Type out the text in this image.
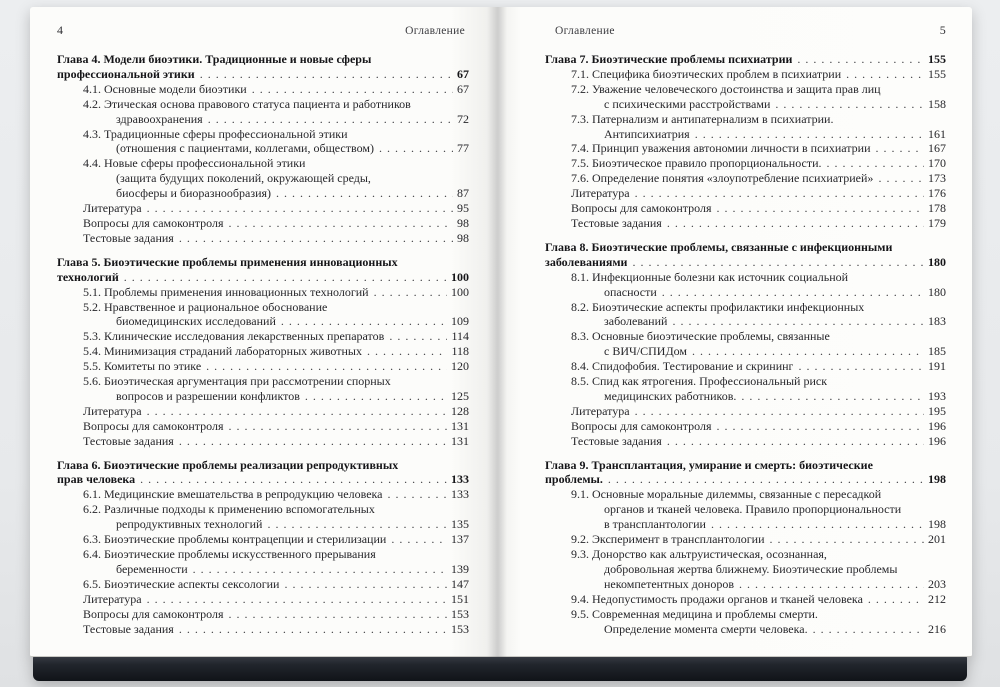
4	Оглавление
Глава 4. Модели биоэтики. Традиционные и новые сферы
профессиональной этики . . .	67
4.1. Основные модели биоэтики . . .	67
4.2. Этическая основа правового статуса пациента и работников
здравоохранения . . .	72
4.3. Традиционные сферы профессиональной этики
(отношения с пациентами, коллегами, обществом) . . .	77
4.4. Новые сферы профессиональной этики
(защита будущих поколений, окружающей среды,
биосферы и биоразнообразия) . . .	87
Литература . . .	95
Вопросы для самоконтроля . . .	98
Тестовые задания . . .	98
Глава 5. Биоэтические проблемы применения инновационных
технологий . . .	100
5.1. Проблемы применения инновационных технологий . . .	100
5.2. Нравственное и рациональное обоснование
биомедицинских исследований . . .	109
5.3. Клинические исследования лекарственных препаратов . . .	114
5.4. Минимизация страданий лабораторных животных . . .	118
5.5. Комитеты по этике . . .	120
5.6. Биоэтическая аргументация при рассмотрении спорных
вопросов и разрешении конфликтов . . .	125
Литература . . .	128
Вопросы для самоконтроля . . .	131
Тестовые задания . . .	131
Глава 6. Биоэтические проблемы реализации репродуктивных
прав человека . . .	133
6.1. Медицинские вмешательства в репродукцию человека . . .	133
6.2. Различные подходы к применению вспомогательных
репродуктивных технологий . . .	135
6.3. Биоэтические проблемы контрацепции и стерилизации . . .	137
6.4. Биоэтические проблемы искусственного прерывания
беременности . . .	139
6.5. Биоэтические аспекты сексологии . . .	147
Литература . . .	151
Вопросы для самоконтроля . . .	153
Тестовые задания . . .	153
Оглавление	5
Глава 7. Биоэтические проблемы психиатрии . . .	155
7.1. Специфика биоэтических проблем в психиатрии . . .	155
7.2. Уважение человеческого достоинства и защита прав лиц
с психическими расстройствами . . .	158
7.3. Патернализм и антипатернализм в психиатрии.
Антипсихиатрия . . .	161
7.4. Принцип уважения автономии личности в психиатрии . . .	167
7.5. Биоэтическое правило пропорциональности. . . .	170
7.6. Определение понятия «злоупотребление психиатрией» . . .	173
Литература . . .	176
Вопросы для самоконтроля . . .	178
Тестовые задания . . .	179
Глава 8. Биоэтические проблемы, связанные с инфекционными
заболеваниями . . .	180
8.1. Инфекционные болезни как источник социальной
опасности . . .	180
8.2. Биоэтические аспекты профилактики инфекционных
заболеваний . . .	183
8.3. Основные биоэтические проблемы, связанные
с ВИЧ/СПИДом . . .	185
8.4. Спидофобия. Тестирование и скрининг . . .	191
8.5. Спид как ятрогения. Профессиональный риск
медицинских работников. . . .	193
Литература . . .	195
Вопросы для самоконтроля . . .	196
Тестовые задания . . .	196
Глава 9. Трансплантация, умирание и смерть: биоэтические
проблемы. . . .	198
9.1. Основные моральные дилеммы, связанные с пересадкой
органов и тканей человека. Правило пропорциональности
в трансплантологии . . .	198
9.2. Эксперимент в трансплантологии . . .	201
9.3. Донорство как альтруистическая, осознанная,
добровольная жертва ближнему. Биоэтические проблемы
некомпетентных доноров . . .	203
9.4. Недопустимость продажи органов и тканей человека . . .	212
9.5. Современная медицина и проблемы смерти.
Определение момента смерти человека. . . .	216
